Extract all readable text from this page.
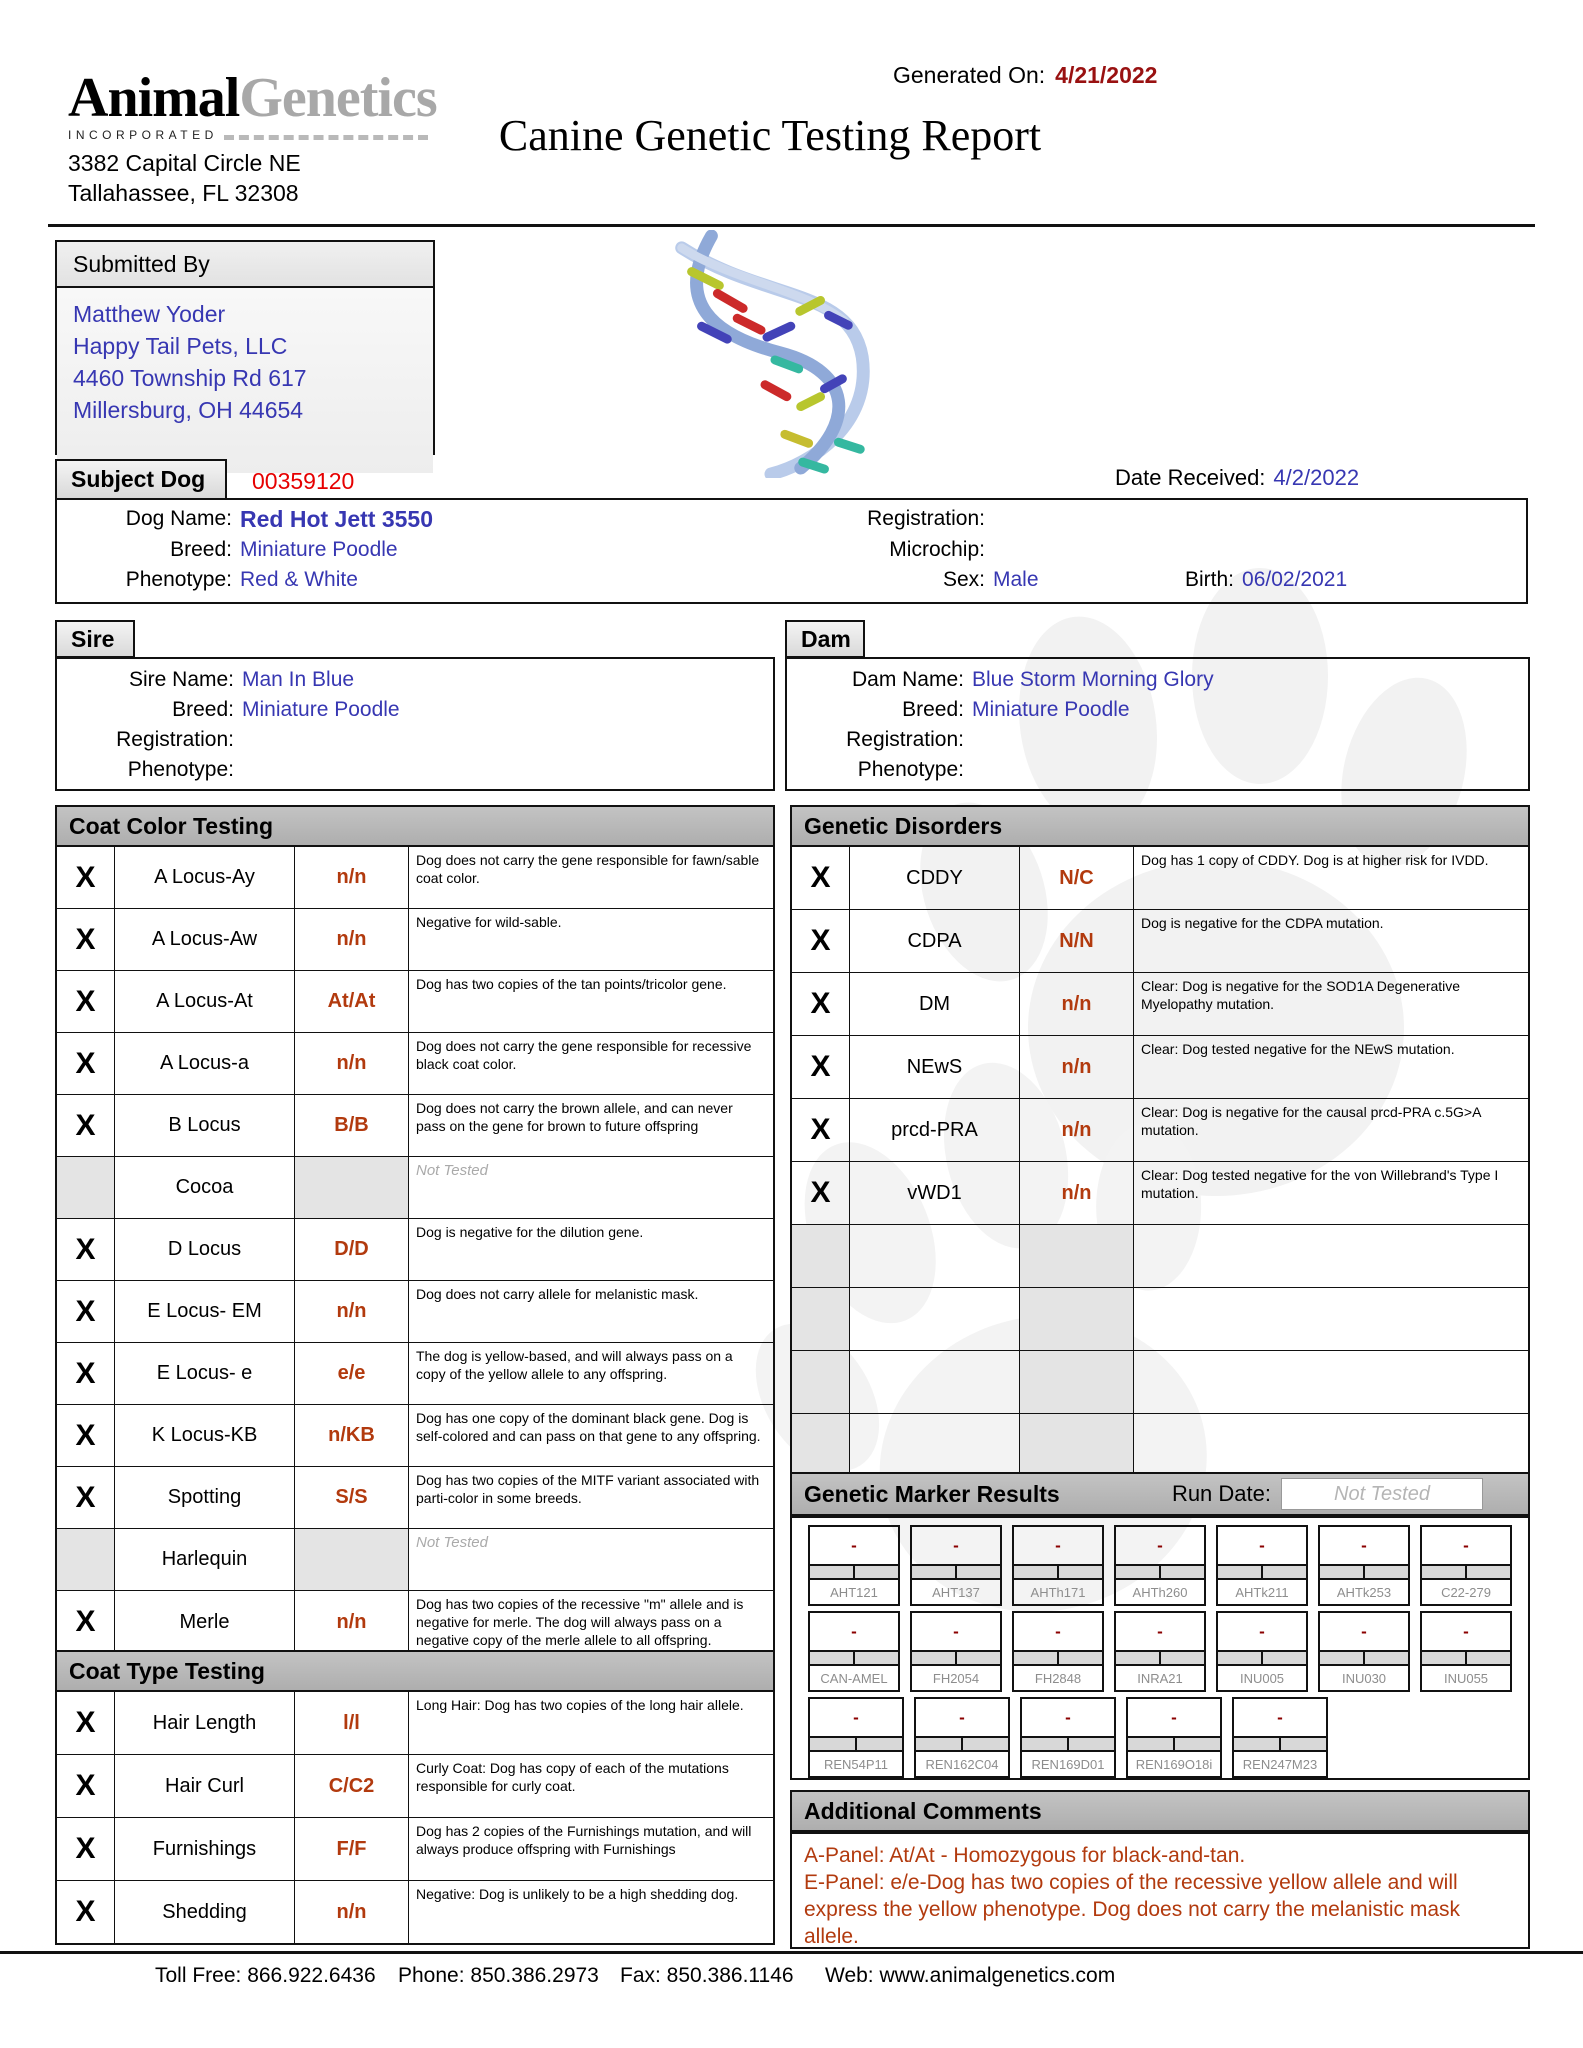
AnimalGenetics
INCORPORATED
3382 Capital Circle NE
Tallahassee, FL 32308
Generated On: 4/21/2022
Canine Genetic Testing Report
Submitted By
Matthew Yoder
Happy Tail Pets, LLC
4460 Township Rd 617
Millersburg, OH 44654
Subject Dog	00359120	Date Received: 4/2/2022
Dog Name: Red Hot Jett 3550
Breed: Miniature Poodle
Phenotype: Red & White
Registration:
Microchip:
Sex: Male	Birth: 06/02/2021
Sire
Sire Name: Man In Blue
Breed: Miniature Poodle
Registration:
Phenotype:
Dam
Dam Name: Blue Storm Morning Glory
Breed: Miniature Poodle
Registration:
Phenotype:
Coat Color Testing
X	A Locus-Ay	n/n
Dog does not carry the gene responsible for fawn/sable coat color.
X	A Locus-Aw	n/n
Negative for wild-sable.
X	A Locus-At	At/At
Dog has two copies of the tan points/tricolor gene.
X	A Locus-a	n/n
Dog does not carry the gene responsible for recessive black coat color.
X	B Locus	B/B
Dog does not carry the brown allele, and can never pass on the gene for brown to future offspring
Cocoa
Not Tested
X	D Locus	D/D
Dog is negative for the dilution gene.
X	E Locus- EM	n/n
Dog does not carry allele for melanistic mask.
X	E Locus- e	e/e
The dog is yellow-based, and will always pass on a copy of the yellow allele to any offspring.
X	K Locus-KB	n/KB
Dog has one copy of the dominant black gene. Dog is self-colored and can pass on that gene to any offspring.
X	Spotting	S/S
Dog has two copies of the MITF variant associated with parti-color in some breeds.
Harlequin
Not Tested
X	Merle	n/n
Dog has two copies of the recessive "m" allele and is negative for merle. The dog will always pass on a negative copy of the merle allele to all offspring.
Coat Type Testing
X	Hair Length	l/l
Long Hair: Dog has two copies of the long hair allele.
X	Hair Curl	C/C2
Curly Coat: Dog has copy of each of the mutations responsible for curly coat.
X	Furnishings	F/F
Dog has 2 copies of the Furnishings mutation, and will always produce offspring with Furnishings
X	Shedding	n/n
Negative: Dog is unlikely to be a high shedding dog.
Genetic Disorders
X	CDDY	N/C
Dog has 1 copy of CDDY. Dog is at higher risk for IVDD.
X	CDPA	N/N
Dog is negative for the CDPA mutation.
X	DM	n/n
Clear: Dog is negative for the SOD1A Degenerative Myelopathy mutation.
X	NEwS	n/n
Clear: Dog tested negative for the NEwS mutation.
X	prcd-PRA	n/n
Clear: Dog is negative for the causal prcd-PRA c.5G>A mutation.
X	vWD1	n/n
Clear: Dog tested negative for the von Willebrand's Type I mutation.
Genetic Marker Results	Run Date:	Not Tested
-
AHT121
-
AHT137
-
AHTh171
-
AHTh260
-
AHTk211
-
AHTk253
-
C22-279
-
CAN-AMEL
-
FH2054
-
FH2848
-
INRA21
-
INU005
-
INU030
-
INU055
-
REN54P11
-
REN162C04
-
REN169D01
-
REN169O18i
-
REN247M23
Additional Comments
A-Panel: At/At - Homozygous for black-and-tan.
E-Panel: e/e-Dog has two copies of the recessive yellow allele and will express the yellow phenotype. Dog does not carry the melanistic mask allele.
Toll Free: 866.922.6436 Phone: 850.386.2973 Fax: 850.386.1146 Web: www.animalgenetics.com
